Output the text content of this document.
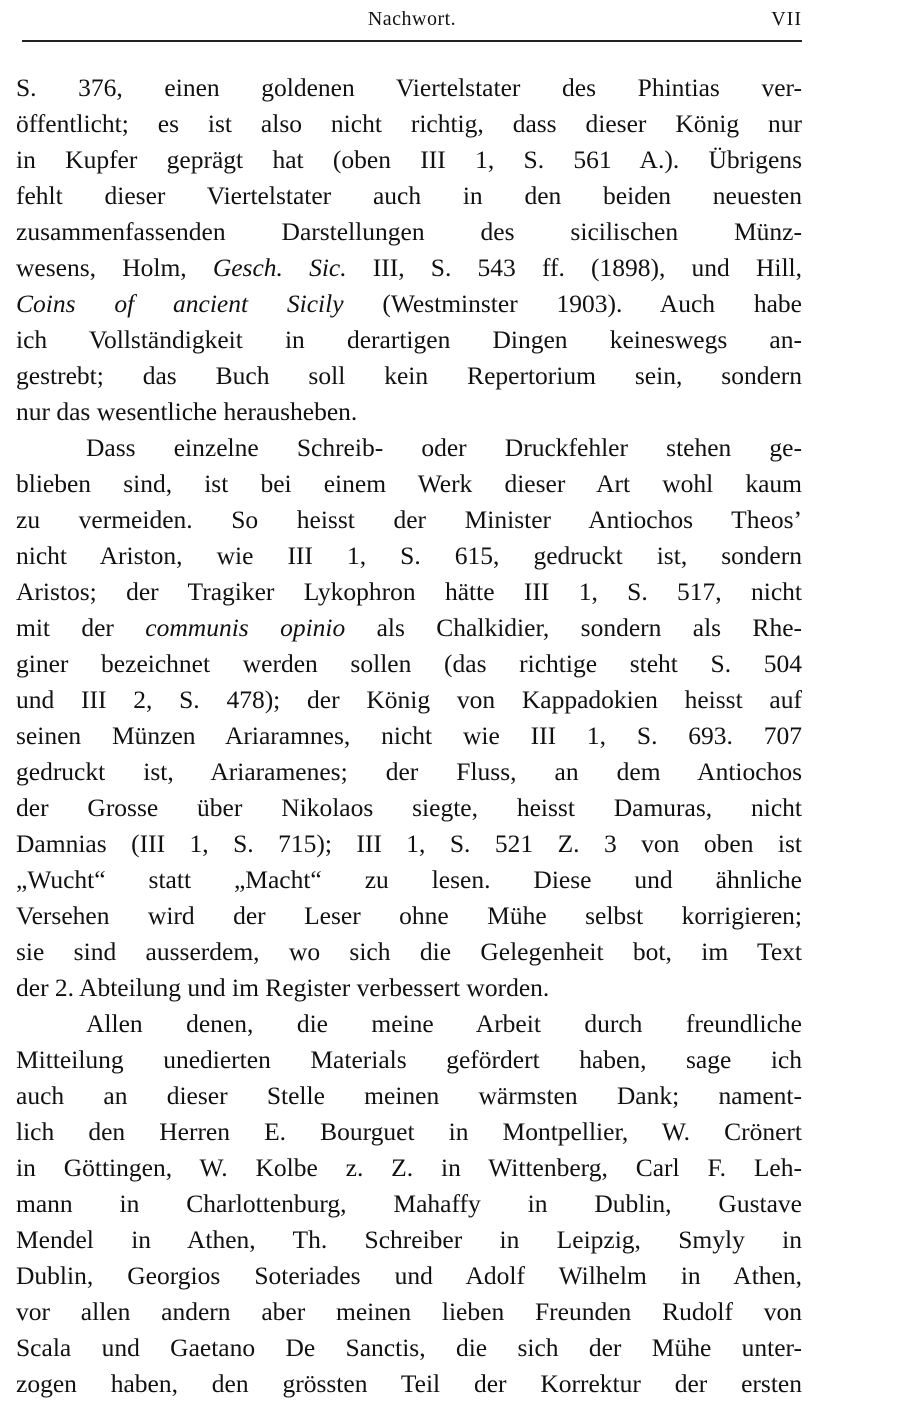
Nachwort.	VII
S. 376, einen goldenen Viertelstater des Phintias ver-
öffentlicht; es ist also nicht richtig, dass dieser König nur
in Kupfer geprägt hat (oben III 1, S. 561 A.). Übrigens
fehlt dieser Viertelstater auch in den beiden neuesten
zusammenfassenden Darstellungen des sicilischen Münz-
wesens, Holm, Gesch. Sic. III, S. 543 ff. (1898), und Hill,
Coins of ancient Sicily (Westminster 1903). Auch habe
ich Vollständigkeit in derartigen Dingen keineswegs an-
gestrebt; das Buch soll kein Repertorium sein, sondern
nur das wesentliche herausheben.
Dass einzelne Schreib- oder Druckfehler stehen ge-
blieben sind, ist bei einem Werk dieser Art wohl kaum
zu vermeiden. So heisst der Minister Antiochos Theos’
nicht Ariston, wie III 1, S. 615, gedruckt ist, sondern
Aristos; der Tragiker Lykophron hätte III 1, S. 517, nicht
mit der communis opinio als Chalkidier, sondern als Rhe-
giner bezeichnet werden sollen (das richtige steht S. 504
und III 2, S. 478); der König von Kappadokien heisst auf
seinen Münzen Ariaramnes, nicht wie III 1, S. 693. 707
gedruckt ist, Ariaramenes; der Fluss, an dem Antiochos
der Grosse über Nikolaos siegte, heisst Damuras, nicht
Damnias (III 1, S. 715); III 1, S. 521 Z. 3 von oben ist
„Wucht“ statt „Macht“ zu lesen. Diese und ähnliche
Versehen wird der Leser ohne Mühe selbst korrigieren;
sie sind ausserdem, wo sich die Gelegenheit bot, im Text
der 2. Abteilung und im Register verbessert worden.
Allen denen, die meine Arbeit durch freundliche
Mitteilung unedierten Materials gefördert haben, sage ich
auch an dieser Stelle meinen wärmsten Dank; nament-
lich den Herren E. Bourguet in Montpellier, W. Crönert
in Göttingen, W. Kolbe z. Z. in Wittenberg, Carl F. Leh-
mann in Charlottenburg, Mahaffy in Dublin, Gustave
Mendel in Athen, Th. Schreiber in Leipzig, Smyly in
Dublin, Georgios Soteriades und Adolf Wilhelm in Athen,
vor allen andern aber meinen lieben Freunden Rudolf von
Scala und Gaetano De Sanctis, die sich der Mühe unter-
zogen haben, den grössten Teil der Korrektur der ersten
